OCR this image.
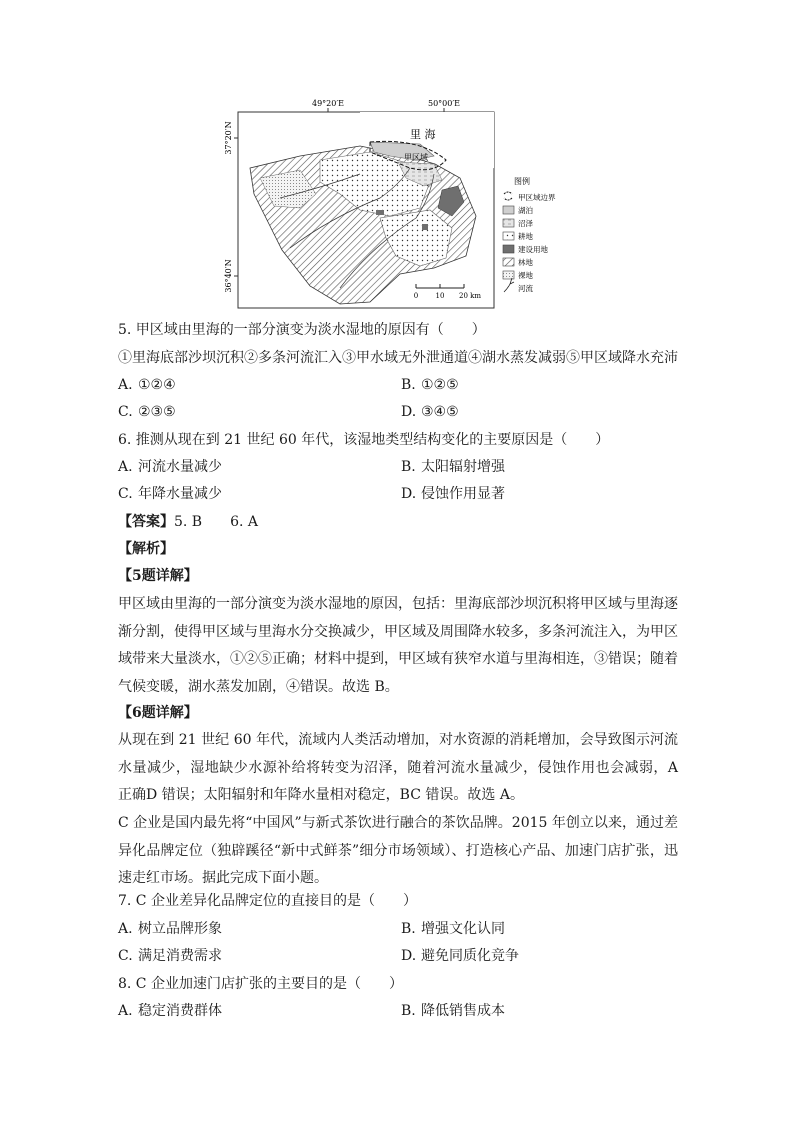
49°20′E	50°00′E
37°20′N
36°40′N
里 海
甲区域
0 10 20 km
图例
甲区域边界
湖泊
沼泽
耕地
建设用地
林地
裸地
河流
5. 甲区域由里海的一部分演变为淡水湿地的原因有（　　）
①里海底部沙坝沉积②多条河流汇入③甲水域无外泄通道④湖水蒸发减弱⑤甲区域降水充沛
A. ①②④	B. ①②⑤
C. ②③⑤	D. ③④⑤
6. 推测从现在到 21 世纪 60 年代，该湿地类型结构变化的主要原因是（　　）
A. 河流水量减少	B. 太阳辐射增强
C. 年降水量减少	D. 侵蚀作用显著
【答案】5. B　　6. A
【解析】
【5题详解】
甲区域由里海的一部分演变为淡水湿地的原因，包括：里海底部沙坝沉积将甲区域与里海逐渐分割，使得甲区域与里海水分交换减少，甲区域及周围降水较多，多条河流注入，为甲区域带来大量淡水，①②⑤正确；材料中提到，甲区域有狭窄水道与里海相连，③错误；随着气候变暖，湖水蒸发加剧，④错误。故选 B。
【6题详解】
从现在到 21 世纪 60 年代，流域内人类活动增加，对水资源的消耗增加，会导致图示河流水量减少，湿地缺少水源补给将转变为沼泽，随着河流水量减少，侵蚀作用也会减弱，A 正确D 错误；太阳辐射和年降水量相对稳定，BC 错误。故选 A。
C 企业是国内最先将“中国风”与新式茶饮进行融合的茶饮品牌。2015 年创立以来，通过差异化品牌定位（独辟蹊径“新中式鲜茶”细分市场领域）、打造核心产品、加速门店扩张，迅速走红市场。据此完成下面小题。
7. C 企业差异化品牌定位的直接目的是（　　）
A. 树立品牌形象	B. 增强文化认同
C. 满足消费需求	D. 避免同质化竞争
8. C 企业加速门店扩张的主要目的是（　　）
A. 稳定消费群体	B. 降低销售成本
